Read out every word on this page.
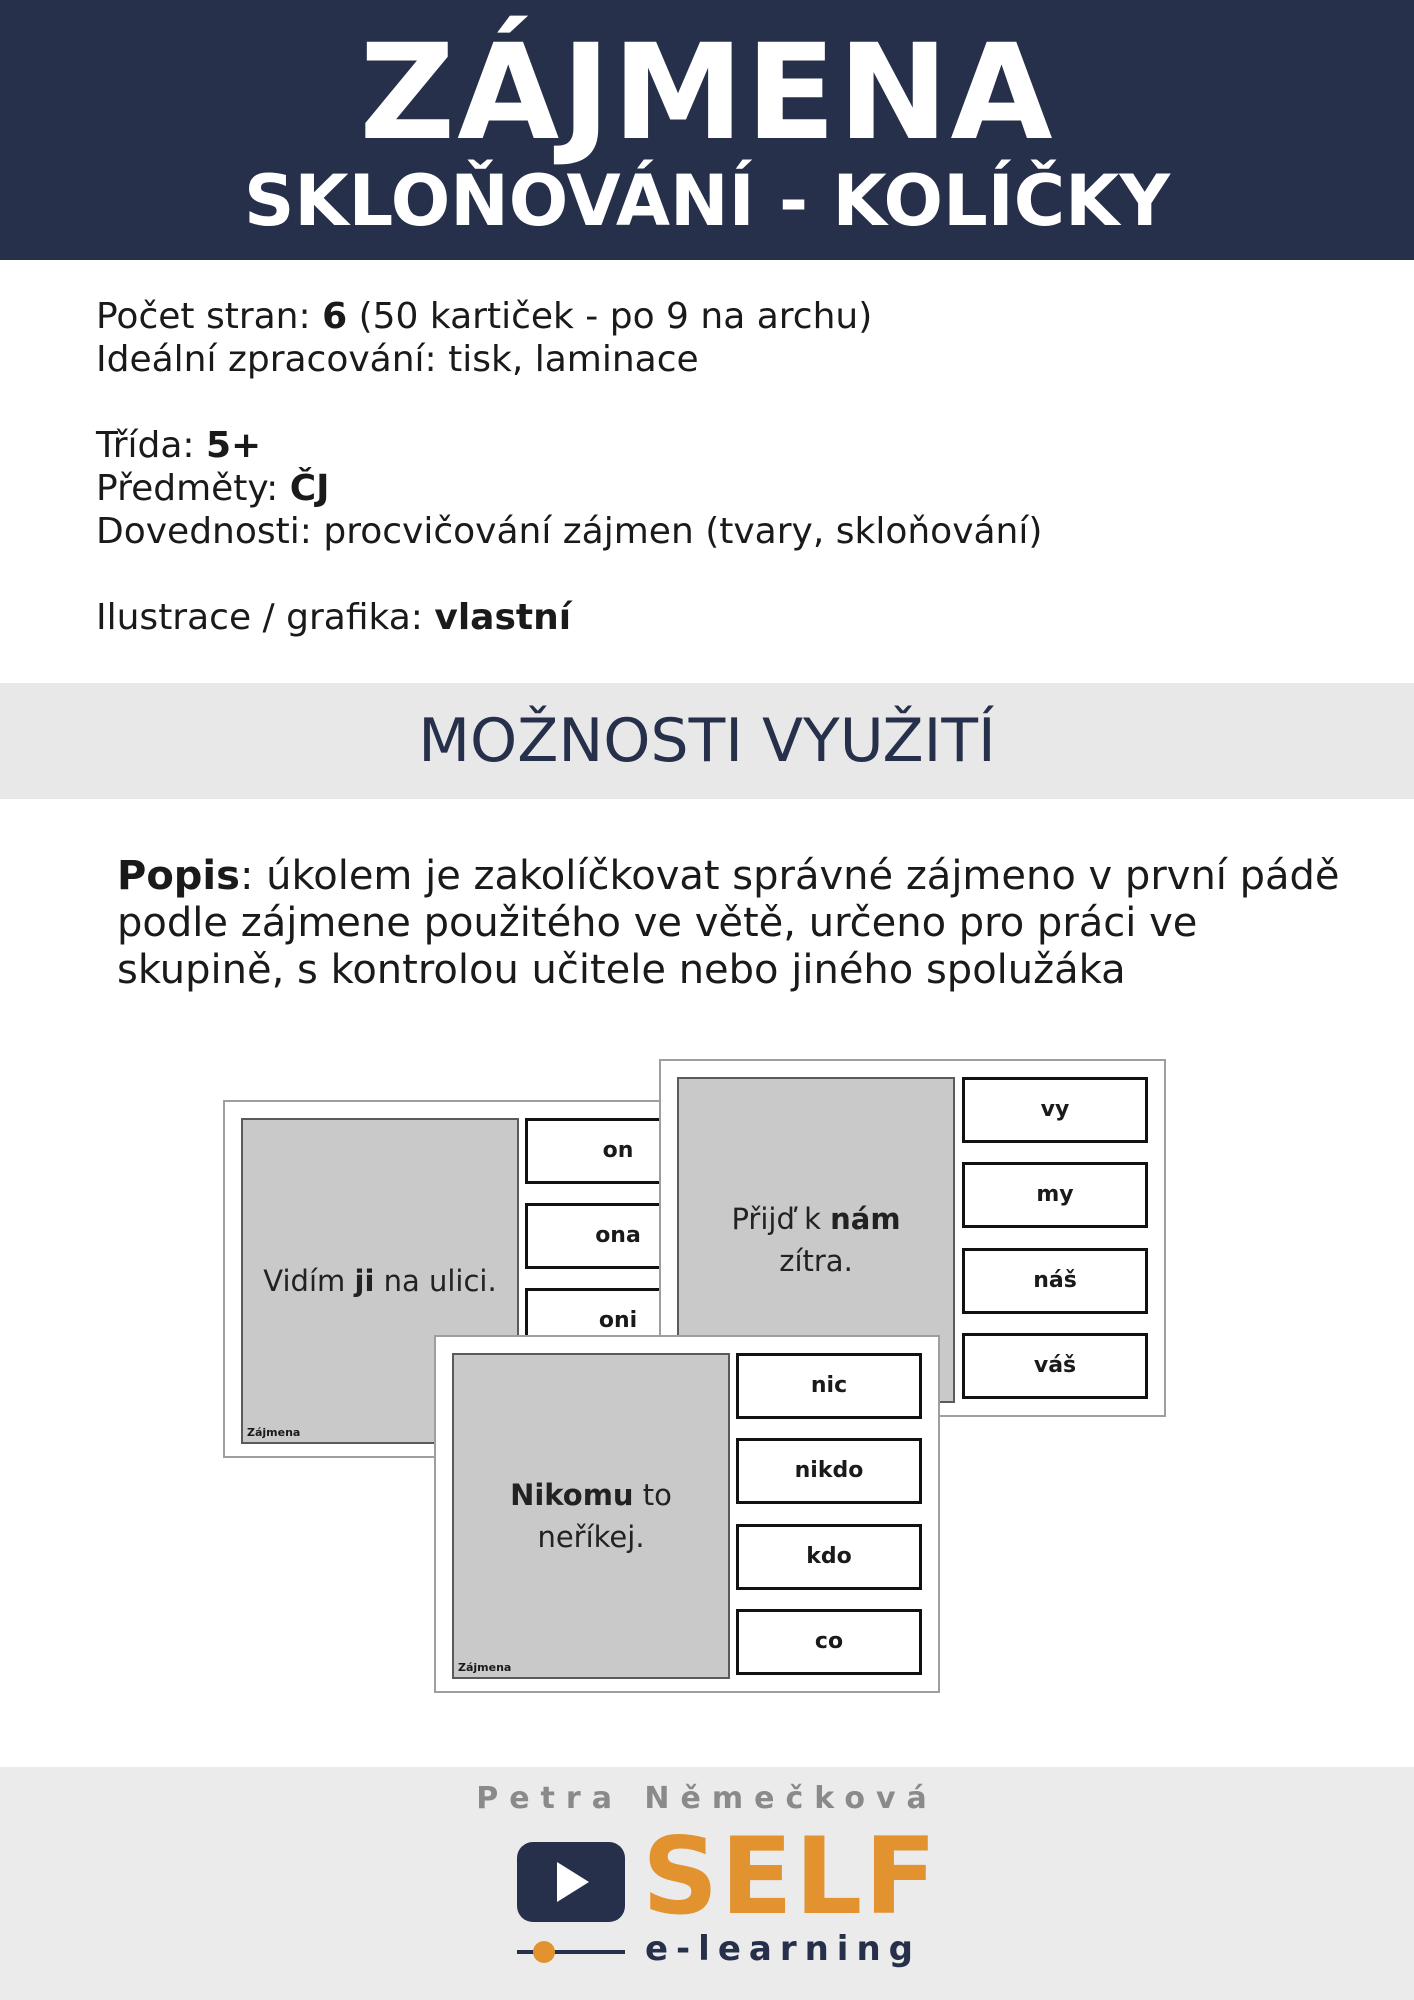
ZÁJMENA
SKLOŇOVÁNÍ - KOLÍČKY
Počet stran: 6 (50 kartiček - po 9 na archu)
Ideální zpracování: tisk, laminace
Třída: 5+
Předměty: ČJ
Dovednosti: procvičování zájmen (tvary, skloňování)
Ilustrace / grafika: vlastní
MOŽNOSTI VYUŽITÍ
Popis: úkolem je zakolíčkovat správné zájmeno v první pádě podle zájmene použitého ve větě, určeno pro práci ve skupině, s kontrolou učitele nebo jiného spolužáka
Vidím ji na ulici.
Zájmena
on
ona
oni
Přijď k nám zítra.
vy
my
náš
váš
Nikomu to neříkej.
Zájmena
nic
nikdo
kdo
co
Petra Němečková
SELF
e-learning
